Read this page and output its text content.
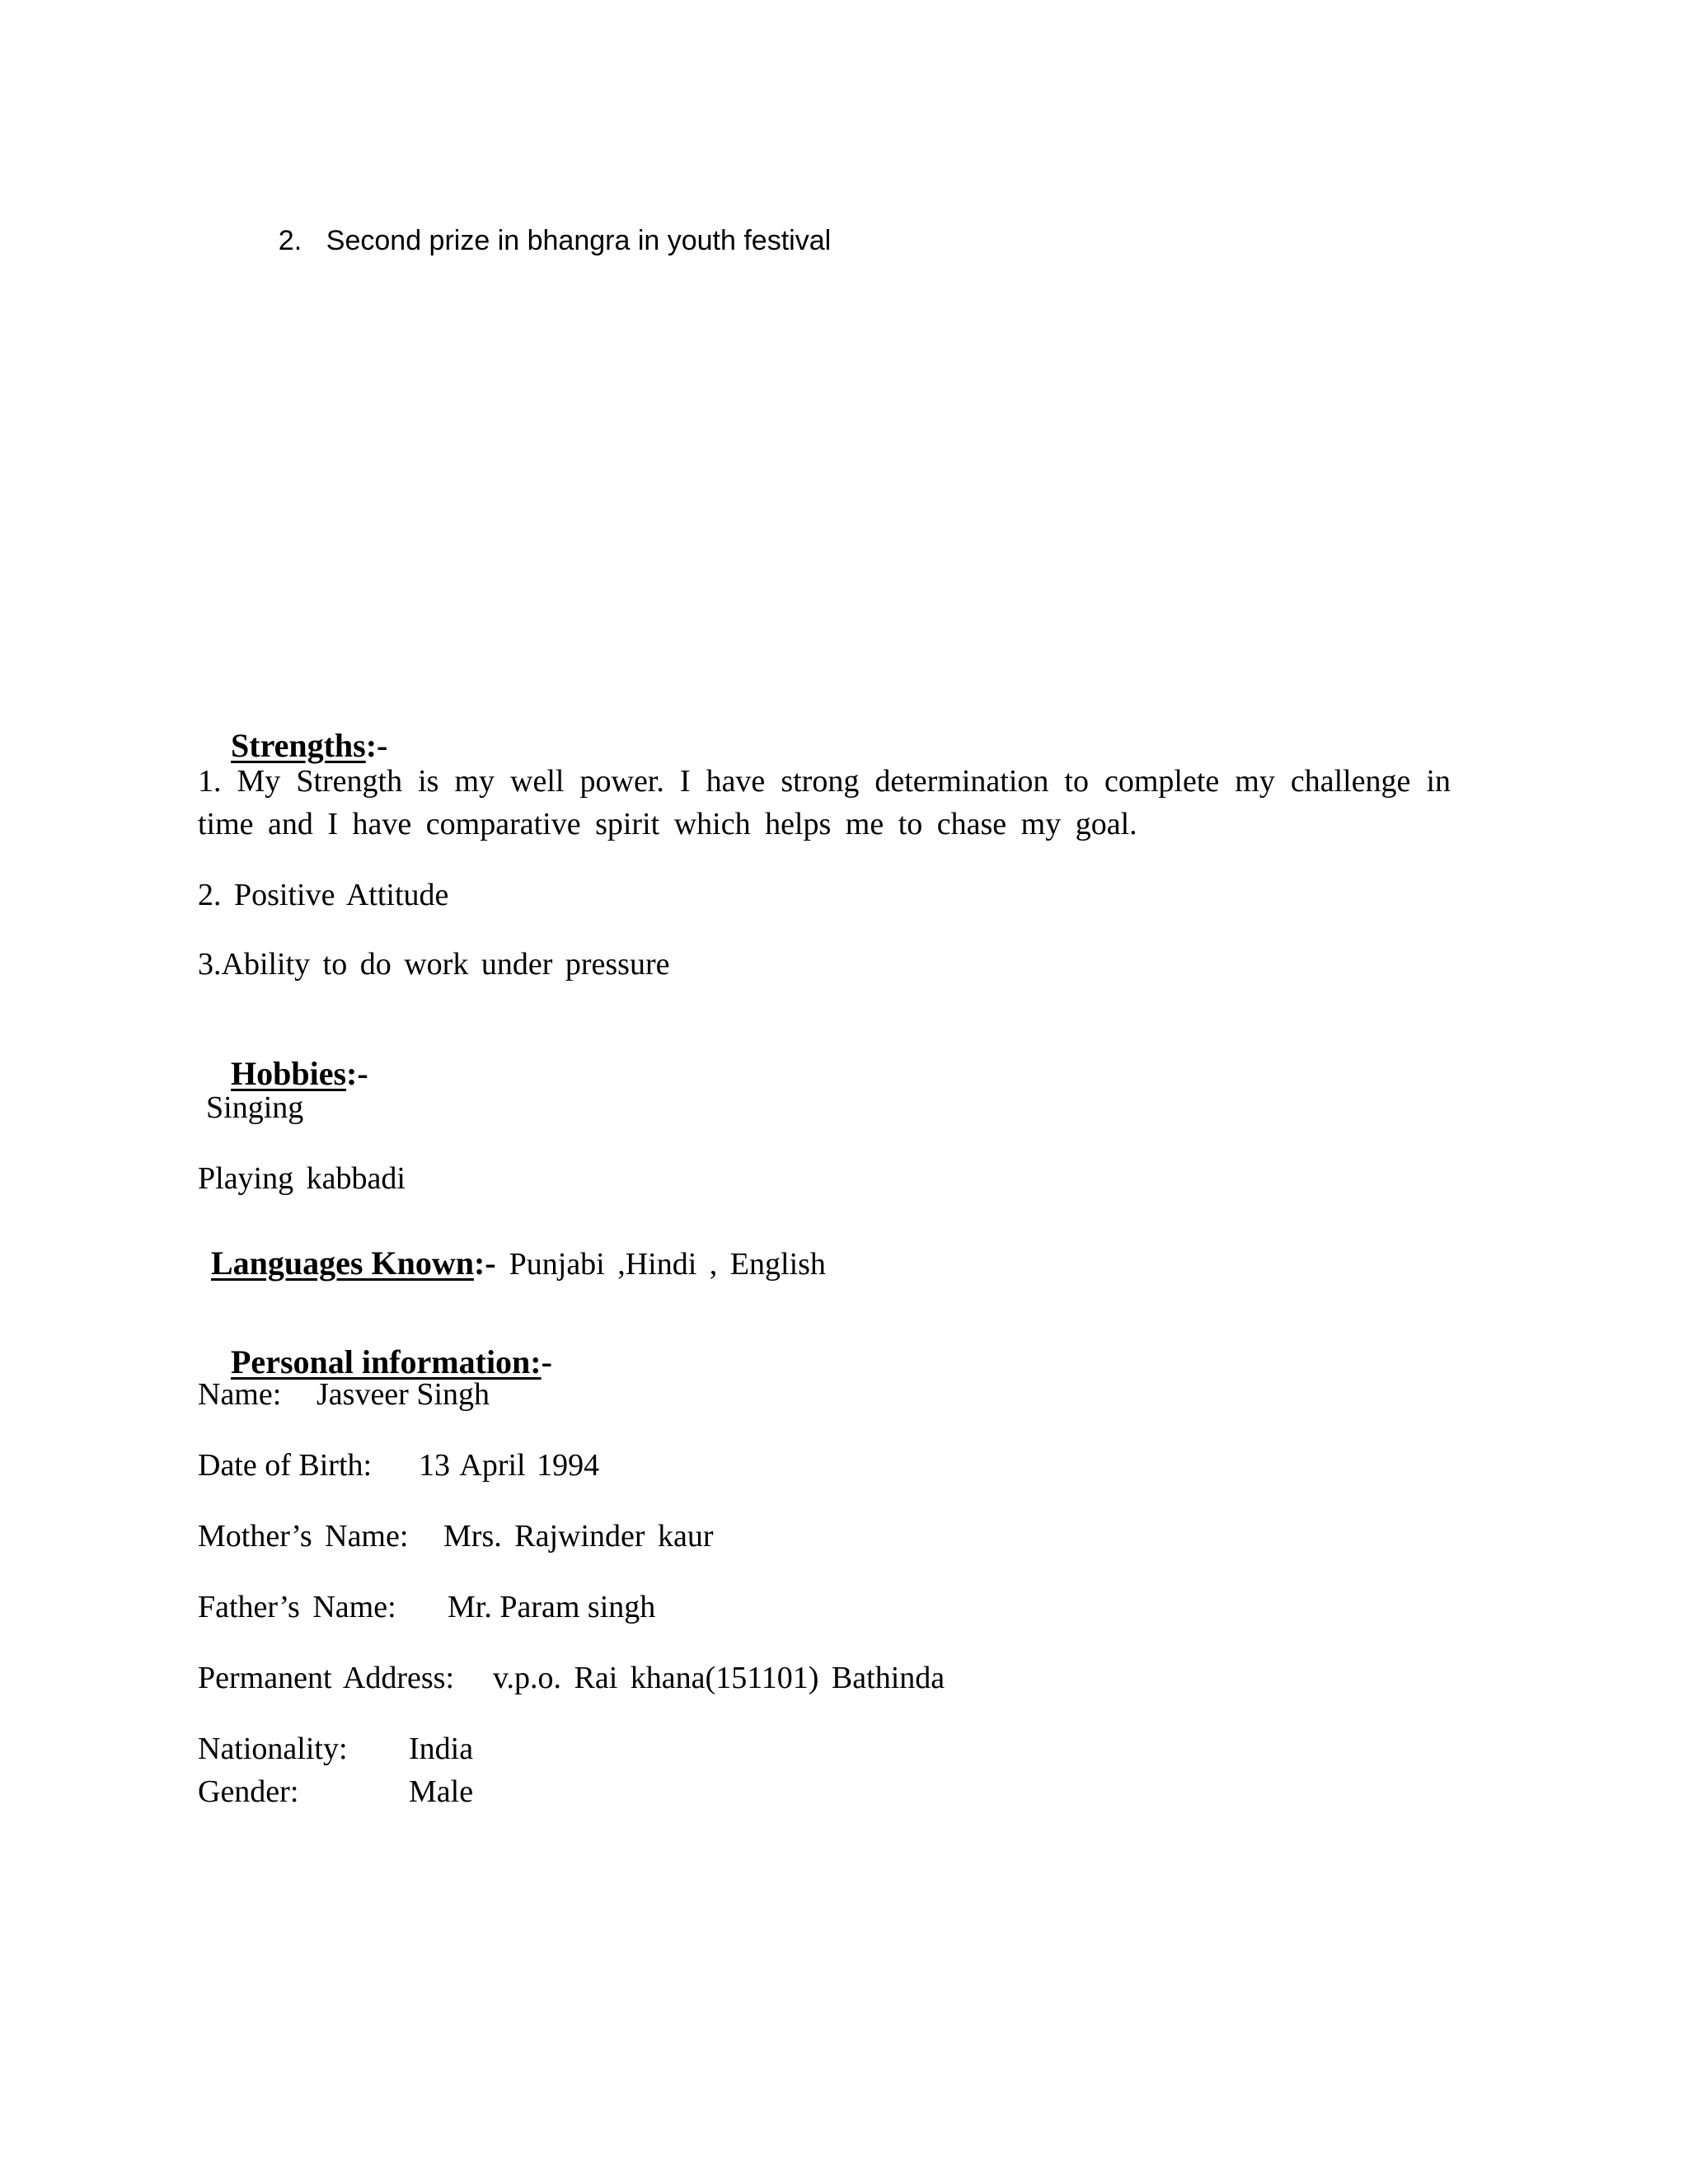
2. Second prize in bhangra in youth festival

Strengths:-

1. My Strength is my well power. I have strong determination to complete my challenge in time and I have comparative spirit which helps me to chase my goal.
2. Positive Attitude
3.Ability to do work under pressure

Hobbies:-

Singing
Playing kabbadi

Languages Known:- Punjabi ,Hindi , English

Personal information:-

Name: Jasveer Singh
Date of Birth: 13 April 1994
Mother’s Name: Mrs. Rajwinder kaur
Father’s Name: Mr. Param singh
Permanent Address: v.p.o. Rai khana(151101) Bathinda
Nationality: India
Gender:	Male
